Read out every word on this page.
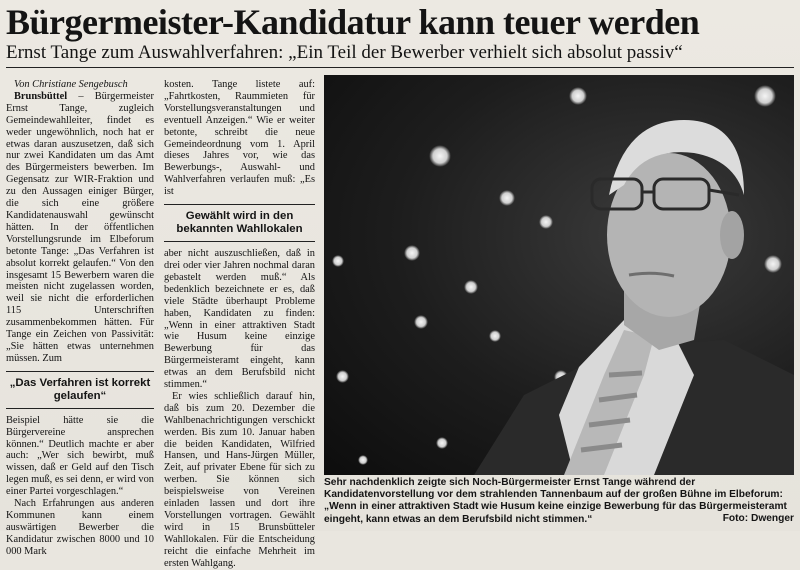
Bürgermeister-Kandidatur kann teuer werden
Ernst Tange zum Auswahlverfahren: „Ein Teil der Bewerber verhielt sich absolut passiv“

Von Christiane Sengebusch

Brunsbüttel – Bürgermeister Ernst Tange, zugleich Gemeindewahlleiter, findet es weder ungewöhnlich, noch hat er etwas daran auszusetzen, daß sich nur zwei Kandidaten um das Amt des Bürgermeisters bewerben. Im Gegensatz zur WIR-Fraktion und zu den Aussagen einiger Bürger, die sich eine größere Kandidatenauswahl gewünscht hätten. In der öffentlichen Vorstellungsrunde im Elbeforum betonte Tange: „Das Verfahren ist absolut korrekt gelaufen.“ Von den insgesamt 15 Bewerbern waren die meisten nicht zugelassen worden, weil sie nicht die erforderlichen 115 Unterschriften zusammenbekommen hätten. Für Tange ein Zeichen von Passivität: „Sie hätten etwas unternehmen müssen. Zum

„Das Verfahren ist korrekt gelaufen“

Beispiel hätte sie die Bürgervereine ansprechen können.“ Deutlich machte er aber auch: „Wer sich bewirbt, muß wissen, daß er Geld auf den Tisch legen muß, es sei denn, er wird von einer Partei vorgeschlagen.“

Nach Erfahrungen aus anderen Kommunen kann einem auswärtigen Bewerber die Kandidatur zwischen 8000 und 10 000 Mark

kosten. Tange listete auf: „Fahrtkosten, Raummieten für Vorstellungsveranstaltungen und eventuell Anzeigen.“ Wie er weiter betonte, schreibt die neue Gemeindeordnung vom 1. April dieses Jahres vor, wie das Bewerbungs-, Auswahl- und Wahlverfahren verlaufen muß: „Es ist

Gewählt wird in den bekannten Wahllokalen

aber nicht auszuschließen, daß in drei oder vier Jahren nochmal daran gebastelt werden muß.“ Als bedenklich bezeichnete er es, daß viele Städte überhaupt Probleme haben, Kandidaten zu finden: „Wenn in einer attraktiven Stadt wie Husum keine einzige Bewerbung für das Bürgermeisteramt eingeht, kann etwas an dem Berufsbild nicht stimmen.“

Er wies schließlich darauf hin, daß bis zum 20. Dezember die Wahlbenachrichtigungen verschickt werden. Bis zum 10. Januar haben die beiden Kandidaten, Wilfried Hansen, und Hans-Jürgen Müller, Zeit, auf privater Ebene für sich zu werben. Sie können sich beispielsweise von Vereinen einladen lassen und dort ihre Vorstellungen vortragen. Gewählt wird in 15 Brunsbütteler Wahllokalen. Für die Entscheidung reicht die einfache Mehrheit im ersten Wahlgang.

Sehr nachdenklich zeigte sich Noch-Bürgermeister Ernst Tange während der Kandidatenvorstellung vor dem strahlenden Tannenbaum auf der großen Bühne im Elbeforum: „Wenn in einer attraktiven Stadt wie Husum keine einzige Bewerbung für das Bürgermeisteramt eingeht, kann etwas an dem Berufsbild nicht stimmen.“	Foto: Dwenger
